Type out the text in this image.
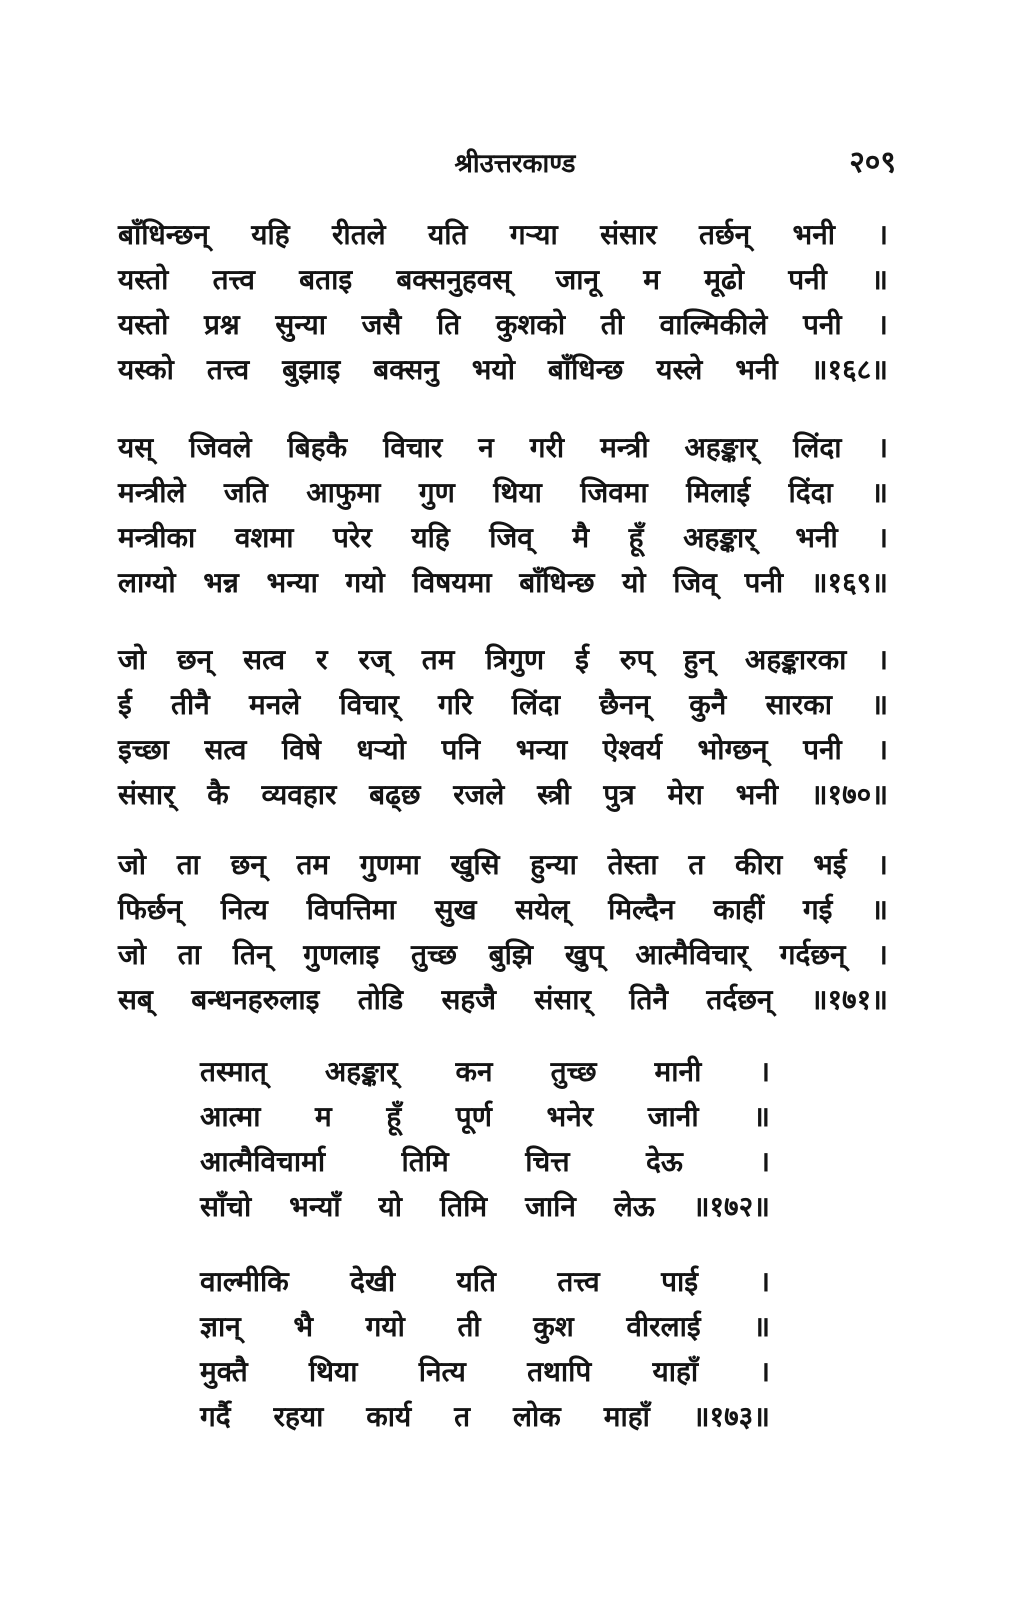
श्रीउत्तरकाण्ड	२०९
बाँधिन्छन् यहि रीतले यति गऱ्या संसार तर्छन् भनी ।
यस्तो तत्त्व बताइ बक्सनुहवस् जानू म मूढो पनी ॥
यस्तो प्रश्न सुन्या जसै ति कुशको ती वाल्मिकीले पनी ।
यस्को तत्त्व बुझाइ बक्सनु भयो बाँधिन्छ यस्ले भनी ॥१६८॥
यस् जिवले बिहकै विचार न गरी मन्त्री अहङ्कार् लिंदा ।
मन्त्रीले जति आफुमा गुण थिया जिवमा मिलाई दिंदा ॥
मन्त्रीका वशमा परेर यहि जिव् मै हूँ अहङ्कार् भनी ।
लाग्यो भन्न भन्या गयो विषयमा बाँधिन्छ यो जिव् पनी ॥१६९॥
जो छन् सत्व र रज् तम त्रिगुण ई रुप् हुन् अहङ्कारका ।
ई तीनै मनले विचार् गरि लिंदा छैनन् कुनै सारका ॥
इच्छा सत्व विषे धऱ्यो पनि भन्या ऐश्वर्य भोग्छन् पनी ।
संसार् कै व्यवहार बढ्छ रजले स्त्री पुत्र मेरा भनी ॥१७०॥
जो ता छन् तम गुणमा खुसि हुन्या तेस्ता त कीरा भई ।
फिर्छन् नित्य विपत्तिमा सुख सयेल् मिल्दैन काहीं गई ॥
जो ता तिन् गुणलाइ तुच्छ बुझि खुप् आत्मैविचार् गर्दछन् ।
सब् बन्धनहरुलाइ तोडि सहजै संसार् तिनै तर्दछन् ॥१७१॥
तस्मात् अहङ्कार् कन तुच्छ मानी ।
आत्मा म हूँ पूर्ण भनेर जानी ॥
आत्मैविचार्मा	तिमि	चित्त	देऊ	।
साँचो भन्याँ यो तिमि जानि लेऊ ॥१७२॥
वाल्मीकि देखी यति तत्त्व पाई ।
ज्ञान् भै गयो ती कुश वीरलाई ॥
मुक्तै थिया नित्य तथापि याहाँ ।
गर्दै रहया कार्य त लोक माहाँ ॥१७३॥
